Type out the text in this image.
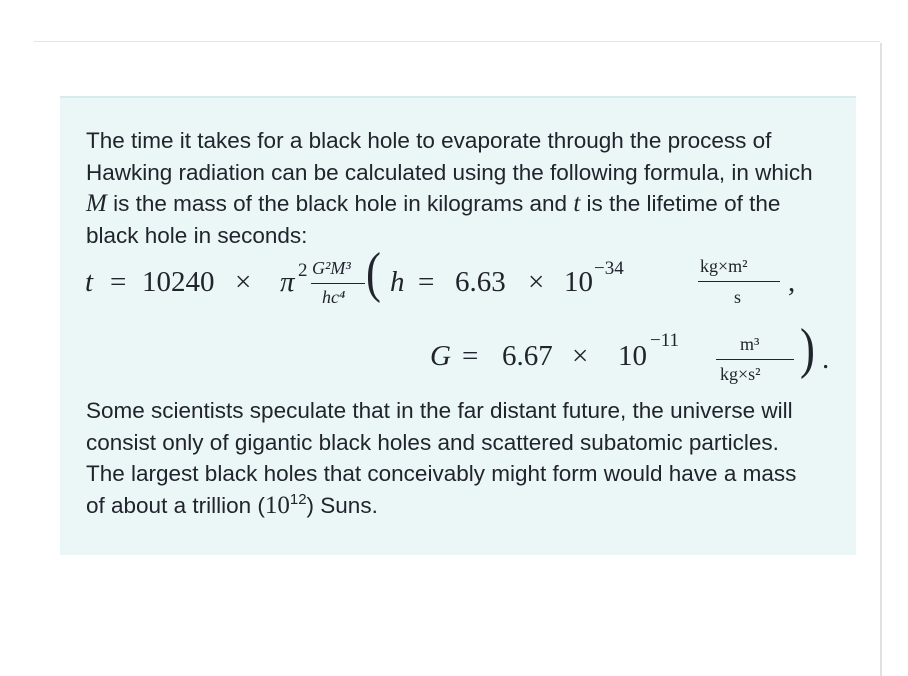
The time it takes for a black hole to evaporate through the process of Hawking radiation can be calculated using the following formula, in which M is the mass of the black hole in kilograms and t is the lifetime of the black hole in seconds:

t = 10240 × π 2 G²M³
hc⁴ ( h = 6.63 × 10 −34	kg×m²
s ,
G = 6.67 × 10 −11	m³
kg×s² ) .

Some scientists speculate that in the far distant future, the universe will consist only of gigantic black holes and scattered subatomic particles. The largest black holes that conceivably might form would have a mass of about a trillion $(10^{12})$ Suns.
